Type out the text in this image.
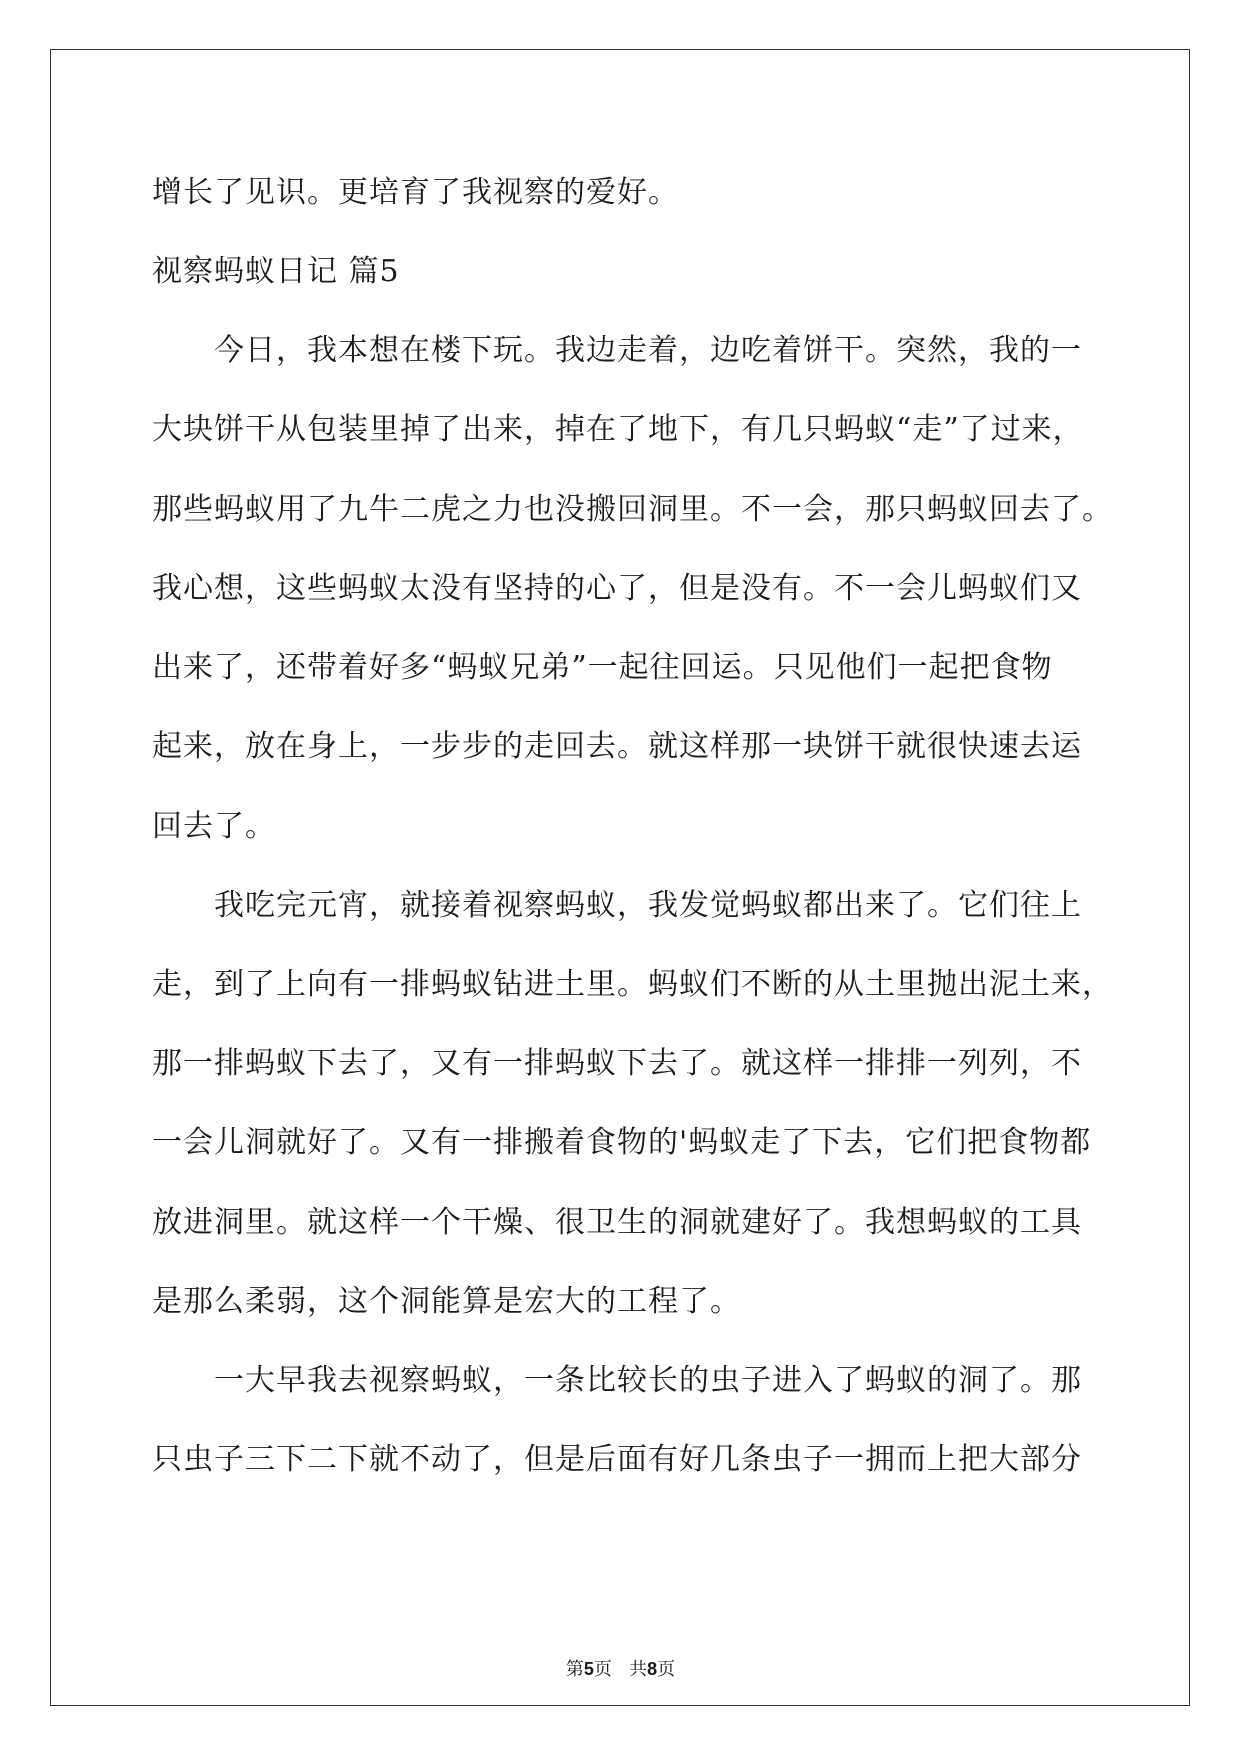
增长了见识。更培育了我视察的爱好。
视察蚂蚁日记 篇5
　　今日，我本想在楼下玩。我边走着，边吃着饼干。突然，我的一
大块饼干从包装里掉了出来，掉在了地下，有几只蚂蚁“走”了过来，
那些蚂蚁用了九牛二虎之力也没搬回洞里。不一会，那只蚂蚁回去了。
我心想，这些蚂蚁太没有坚持的心了，但是没有。不一会儿蚂蚁们又
出来了，还带着好多“蚂蚁兄弟”一起往回运。只见他们一起把食物
起来，放在身上，一步步的走回去。就这样那一块饼干就很快速去运
回去了。
　　我吃完元宵，就接着视察蚂蚁，我发觉蚂蚁都出来了。它们往上
走，到了上向有一排蚂蚁钻进土里。蚂蚁们不断的从土里抛出泥土来，
那一排蚂蚁下去了，又有一排蚂蚁下去了。就这样一排排一列列，不
一会儿洞就好了。又有一排搬着食物的'蚂蚁走了下去，它们把食物都
放进洞里。就这样一个干燥、很卫生的洞就建好了。我想蚂蚁的工具
是那么柔弱，这个洞能算是宏大的工程了。
　　一大早我去视察蚂蚁，一条比较长的虫子进入了蚂蚁的洞了。那
只虫子三下二下就不动了，但是后面有好几条虫子一拥而上把大部分
第5页 共8页
